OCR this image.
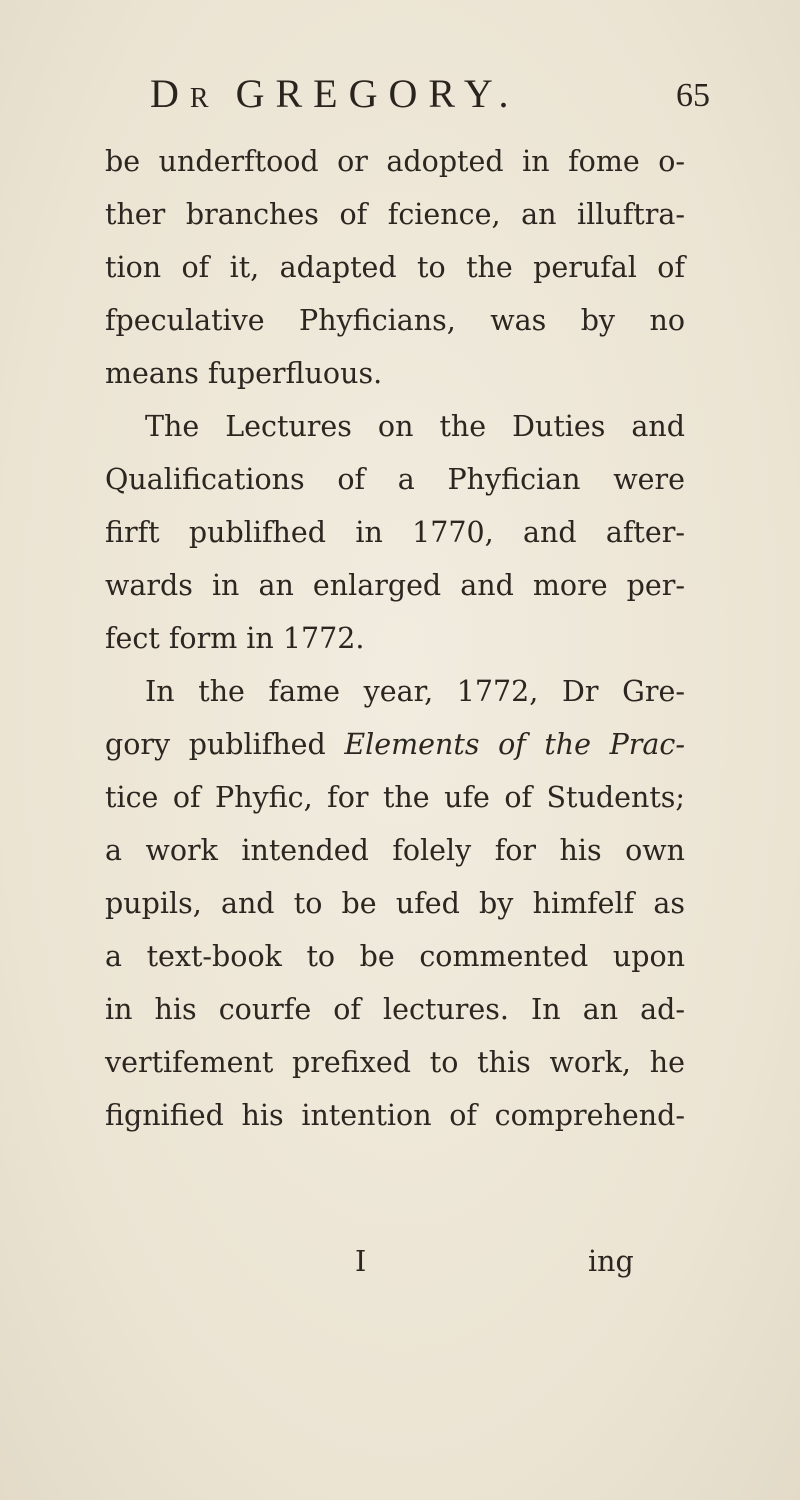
DR GREGORY.	65
be underftood or adopted in fome o-
ther branches of fcience, an illuftra-
tion of it, adapted to the perufal of
fpeculative Phyficians, was by no
means fuperfluous.
The Lectures on the Duties and
Qualifications of a Phyfician were
firft publifhed in 1770, and after-
wards in an enlarged and more per-
fect form in 1772.
In the fame year, 1772, Dr Gre-
gory publifhed Elements of the Prac-
tice of Phyfic, for the ufe of Students;
a work intended folely for his own
pupils, and to be ufed by himfelf as
a text-book to be commented upon
in his courfe of lectures. In an ad-
vertifement prefixed to this work, he
fignified his intention of comprehend-
I	ing
